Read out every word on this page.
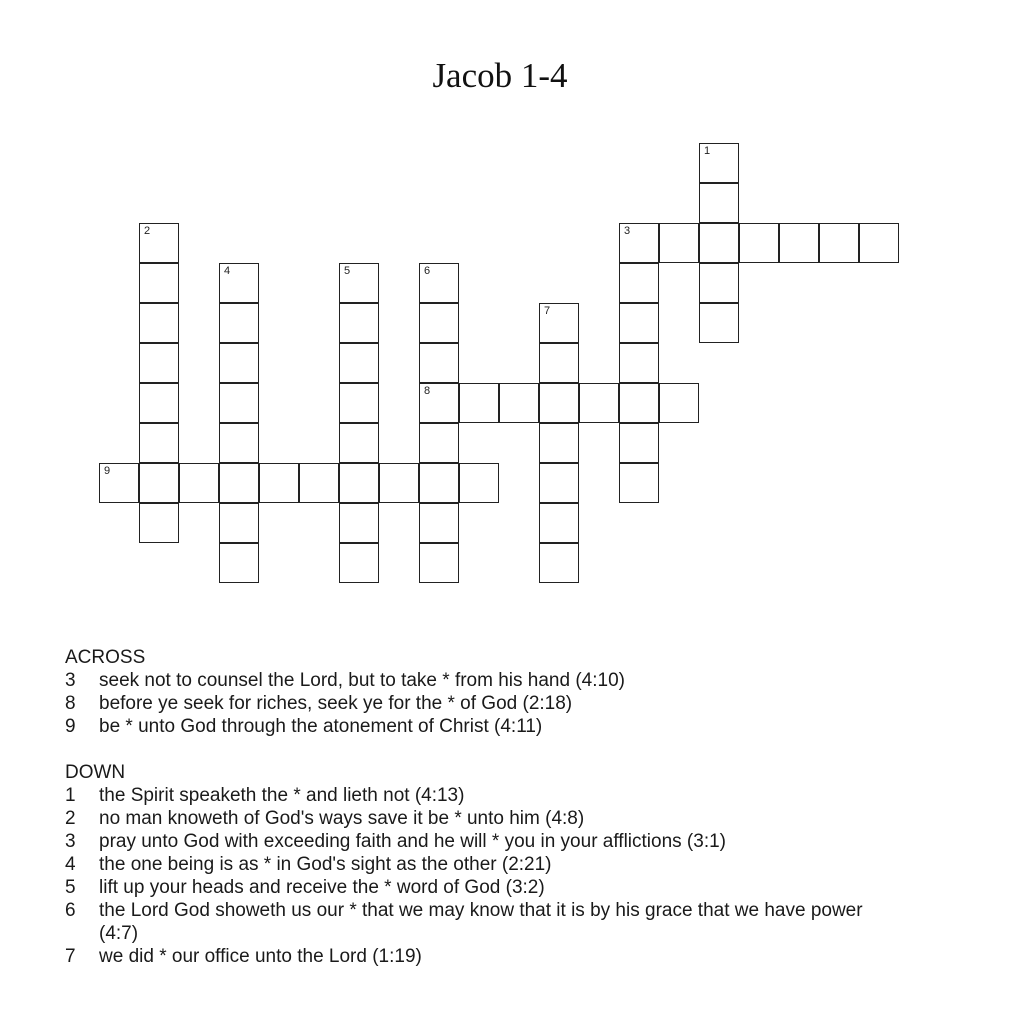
Jacob 1-4
1
2	3
4	5	6
8
7
9
ACROSS
3	seek not to counsel the Lord, but to take * from his hand (4:10)
8	before ye seek for riches, seek ye for the * of God (2:18)
9	be * unto God through the atonement of Christ (4:11)
DOWN
1	the Spirit speaketh the * and lieth not (4:13)
2	no man knoweth of God's ways save it be * unto him (4:8)
3	pray unto God with exceeding faith and he will * you in your afflictions (3:1)
4	the one being is as * in God's sight as the other (2:21)
5	lift up your heads and receive the * word of God (3:2)
6	the Lord God showeth us our * that we may know that it is by his grace that we have power (4:7)
7	we did * our office unto the Lord (1:19)
